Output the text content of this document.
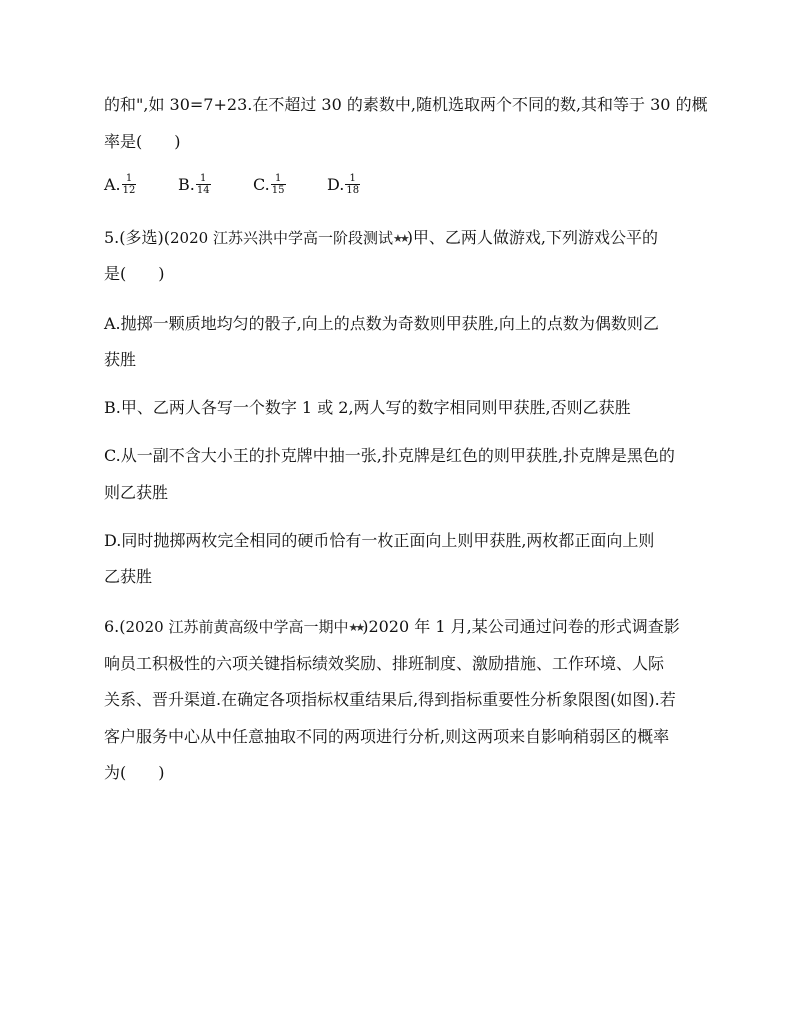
的和",如 30=7+23.在不超过 30 的素数中,随机选取两个不同的数,其和等于 30 的概
率是(　　)
A. $\frac{1}{12}$	B. $\frac{1}{14}$	C. $\frac{1}{15}$	D. $\frac{1}{18}$
5.(多选)(2020 江苏兴洪中学高一阶段测试★★)甲、乙两人做游戏,下列游戏公平的
是(　　)
A.抛掷一颗质地均匀的骰子,向上的点数为奇数则甲获胜,向上的点数为偶数则乙
获胜
B.甲、乙两人各写一个数字 1 或 2,两人写的数字相同则甲获胜,否则乙获胜
C.从一副不含大小王的扑克牌中抽一张,扑克牌是红色的则甲获胜,扑克牌是黑色的
则乙获胜
D.同时抛掷两枚完全相同的硬币恰有一枚正面向上则甲获胜,两枚都正面向上则
乙获胜
6.(2020 江苏前黄高级中学高一期中★★)2020 年 1 月,某公司通过问卷的形式调查影
响员工积极性的六项关键指标绩效奖励、排班制度、激励措施、工作环境、人际
关系、晋升渠道.在确定各项指标权重结果后,得到指标重要性分析象限图(如图).若
客户服务中心从中任意抽取不同的两项进行分析,则这两项来自影响稍弱区的概率
为(　　)
